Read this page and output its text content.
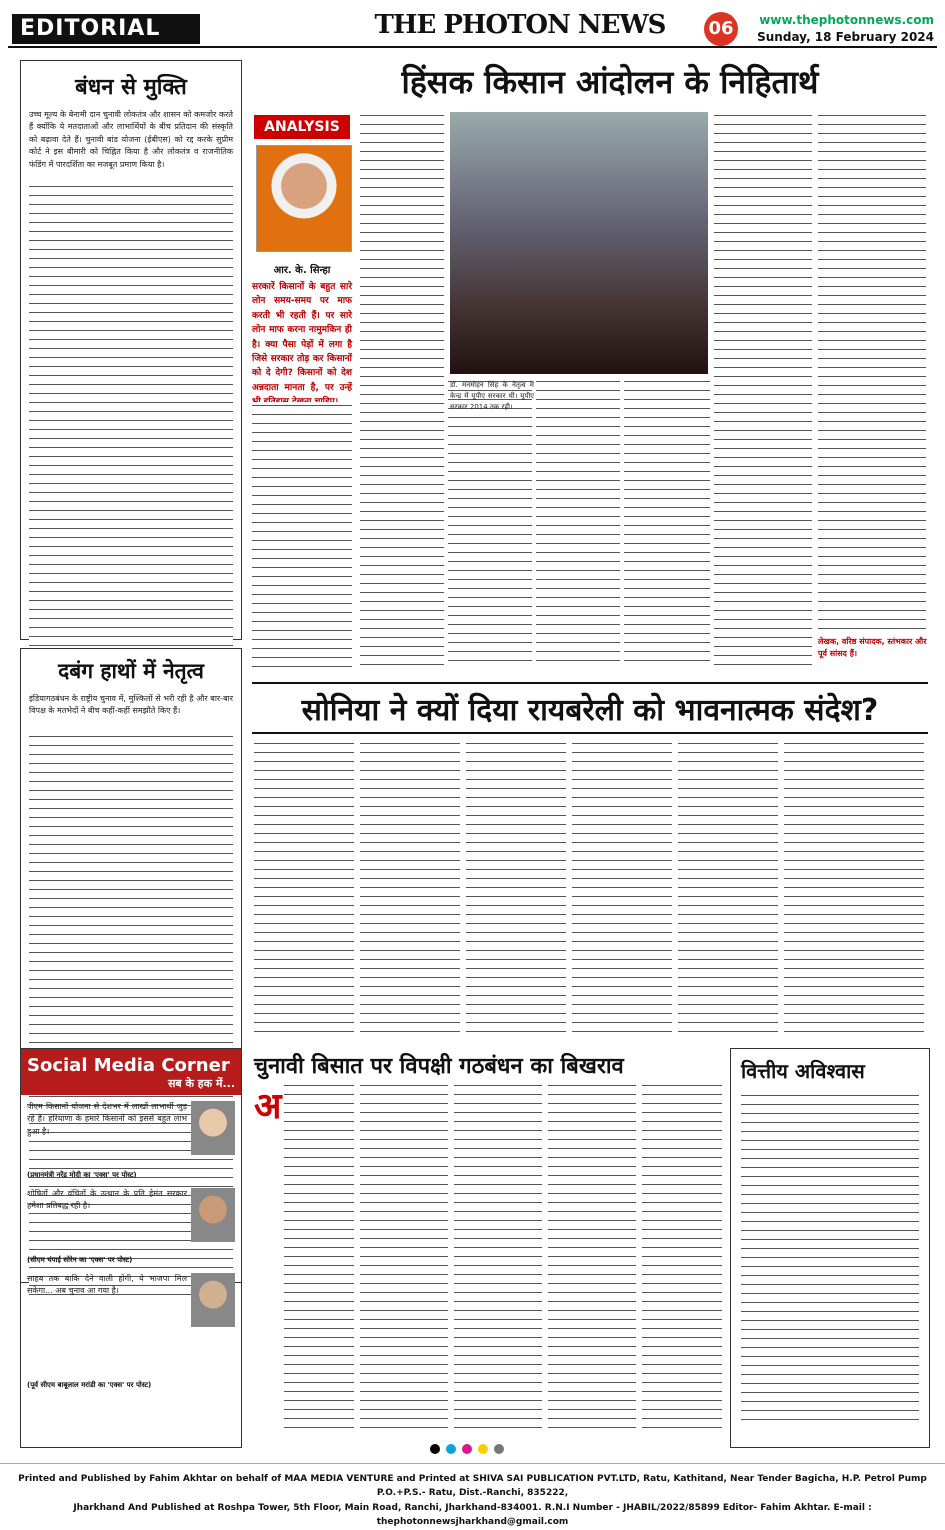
EDITORIAL	THE PHOTON NEWS 06	www.thephotonnews.com
Sunday, 18 February 2024
बंधन से मुक्ति
उच्च मूल्य के बेनामी दान चुनावी लोकतंत्र और शासन को कमजोर करते हैं क्योंकि ये मतदाताओं और लाभार्थियों के बीच प्रतिदान की संस्कृति को बढ़ावा देते हैं। चुनावी बांड योजना (ईबीएस) को रद्द करके सुप्रीम कोर्ट ने इस बीमारी को चिह्नित किया है और लोकतंत्र व राजनीतिक फंडिंग में पारदर्शिता का मजबूत प्रमाण किया है।
दबंग हाथों में नेतृत्व
इंडियागठबंधन के राष्ट्रीय चुनाव में, मुश्किलों से भरी रही है और बार-बार विपक्ष के मतभेदों ने बीच कहीं-कहीं समझौते किए हैं।
ANALYSIS
आर. के. सिन्हा
सरकारें किसानों के बहुत सारे लोन समय-समय पर माफ करती भी रहती हैं। पर सारे लोन माफ करना नामुमकिन ही है। क्या पैसा पेड़ों में लगा है जिसे सरकार तोड़ कर किसानों को दे देगी? किसानों को देश अन्नदाता मानता है, पर उन्हें
हिंसक किसान आंदोलन के निहितार्थ
लेखक, वरिष्ठ संपादक, स्तंभकार और पूर्व सांसद हैं।
डॉ. मनमोहन सिंह के नेतृत्व में केन्द्र में यूपीए सरकार थी। यूपीए सरकार 2014 तक रही।
सोनिया ने क्यों दिया रायबरेली को भावनात्मक संदेश?
Social Media Corner
सब के हक में...
पीएम किसानों योजना से देशभर में लाखों लाभार्थी जुड़ रहे हैं। हरियाणा के हमारे किसानों को इससे बहुत लाभ हुआ है।
(प्रधानमंत्री नरेंद्र मोदी का 'एक्स' पर पोस्ट)
शोषितों और वंचितों के उत्थान के प्रति हेमंत सरकार हमेशा प्रतिबद्ध रही है।
(सीएम चंपाई सोरेन का 'एक्स' पर पोस्ट)
साहब तक बाकि देने वाली होगी, ये भाजपा मिल सकेगा... अब चुनाव आ गया है।
(पूर्व सीएम बाबूलाल मरांडी का 'एक्स' पर पोस्ट)
चुनावी बिसात पर विपक्षी गठबंधन का बिखराव
अ
वित्तीय अविश्वास
Printed and Published by Fahim Akhtar on behalf of MAA MEDIA VENTURE and Printed at SHIVA SAI PUBLICATION PVT.LTD, Ratu, Kathitand, Near Tender Bagicha, H.P. Petrol Pump P.O.+P.S.- Ratu, Dist.-Ranchi, 835222,
Jharkhand And Published at Roshpa Tower, 5th Floor, Main Road, Ranchi, Jharkhand-834001. R.N.I Number - JHABIL/2022/85899 Editor- Fahim Akhtar. E-mail : thephotonnewsjharkhand@gmail.com
